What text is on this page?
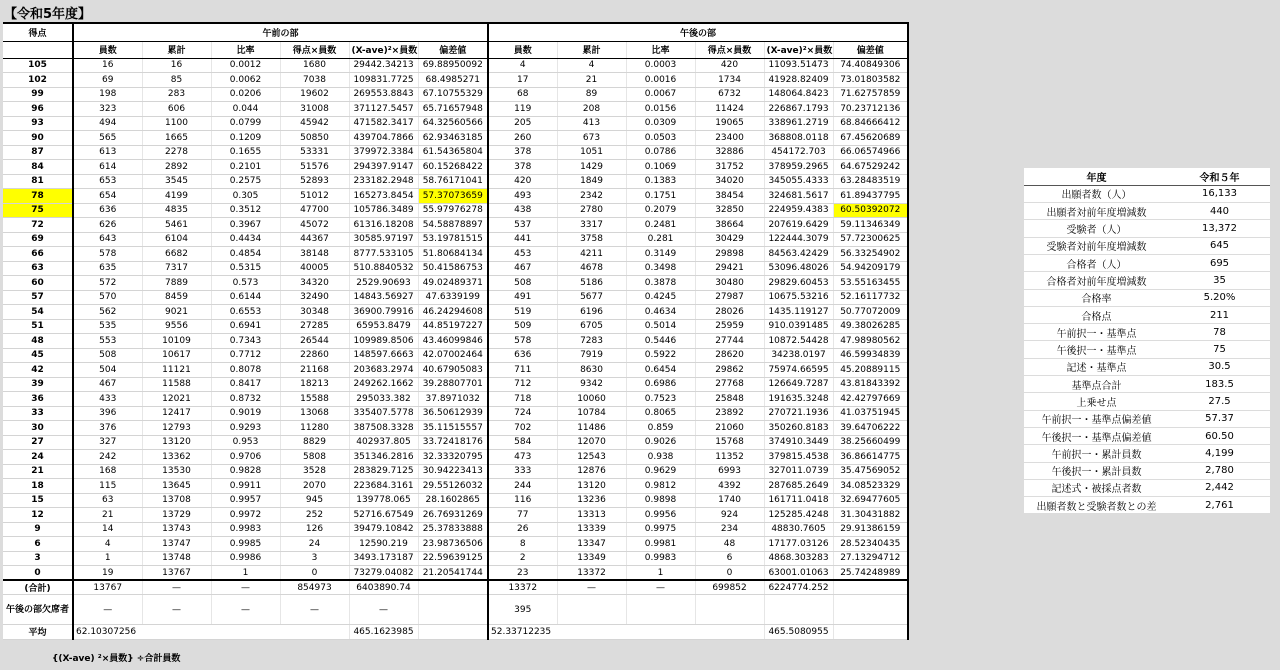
【令和5年度】
得点	午前の部						午後の部					
	員数	累計	比率	得点×員数	(X-ave)²×員数	偏差値	員数	累計	比率	得点×員数	(X-ave)²×員数	偏差値
105	16	16	0.0012	1680	29442.34213	69.88950092	4	4	0.0003	420	11093.51473	74.40849306
102	69	85	0.0062	7038	109831.7725	68.4985271	17	21	0.0016	1734	41928.82409	73.01803582
99	198	283	0.0206	19602	269553.8843	67.10755329	68	89	0.0067	6732	148064.8423	71.62757859
96	323	606	0.044	31008	371127.5457	65.71657948	119	208	0.0156	11424	226867.1793	70.23712136
93	494	1100	0.0799	45942	471582.3417	64.32560566	205	413	0.0309	19065	338961.2719	68.84666412
90	565	1665	0.1209	50850	439704.7866	62.93463185	260	673	0.0503	23400	368808.0118	67.45620689
87	613	2278	0.1655	53331	379972.3384	61.54365804	378	1051	0.0786	32886	454172.703	66.06574966
84	614	2892	0.2101	51576	294397.9147	60.15268422	378	1429	0.1069	31752	378959.2965	64.67529242
81	653	3545	0.2575	52893	233182.2948	58.76171041	420	1849	0.1383	34020	345055.4333	63.28483519
78	654	4199	0.305	51012	165273.8454	57.37073659	493	2342	0.1751	38454	324681.5617	61.89437795
75	636	4835	0.3512	47700	105786.3489	55.97976278	438	2780	0.2079	32850	224959.4383	60.50392072
72	626	5461	0.3967	45072	61316.18208	54.58878897	537	3317	0.2481	38664	207619.6429	59.11346349
69	643	6104	0.4434	44367	30585.97197	53.19781515	441	3758	0.281	30429	122444.3079	57.72300625
66	578	6682	0.4854	38148	8777.533105	51.80684134	453	4211	0.3149	29898	84563.42429	56.33254902
63	635	7317	0.5315	40005	510.8840532	50.41586753	467	4678	0.3498	29421	53096.48026	54.94209179
60	572	7889	0.573	34320	2529.90693	49.02489371	508	5186	0.3878	30480	29829.60453	53.55163455
57	570	8459	0.6144	32490	14843.56927	47.6339199	491	5677	0.4245	27987	10675.53216	52.16117732
54	562	9021	0.6553	30348	36900.79916	46.24294608	519	6196	0.4634	28026	1435.119127	50.77072009
51	535	9556	0.6941	27285	65953.8479	44.85197227	509	6705	0.5014	25959	910.0391485	49.38026285
48	553	10109	0.7343	26544	109989.8506	43.46099846	578	7283	0.5446	27744	10872.54428	47.98980562
45	508	10617	0.7712	22860	148597.6663	42.07002464	636	7919	0.5922	28620	34238.0197	46.59934839
42	504	11121	0.8078	21168	203683.2974	40.67905083	711	8630	0.6454	29862	75974.66595	45.20889115
39	467	11588	0.8417	18213	249262.1662	39.28807701	712	9342	0.6986	27768	126649.7287	43.81843392
36	433	12021	0.8732	15588	295033.382	37.8971032	718	10060	0.7523	25848	191635.3248	42.42797669
33	396	12417	0.9019	13068	335407.5778	36.50612939	724	10784	0.8065	23892	270721.1936	41.03751945
30	376	12793	0.9293	11280	387508.3328	35.11515557	702	11486	0.859	21060	350260.8183	39.64706222
27	327	13120	0.953	8829	402937.805	33.72418176	584	12070	0.9026	15768	374910.3449	38.25660499
24	242	13362	0.9706	5808	351346.2816	32.33320795	473	12543	0.938	11352	379815.4538	36.86614775
21	168	13530	0.9828	3528	283829.7125	30.94223413	333	12876	0.9629	6993	327011.0739	35.47569052
18	115	13645	0.9911	2070	223684.3161	29.55126032	244	13120	0.9812	4392	287685.2649	34.08523329
15	63	13708	0.9957	945	139778.065	28.1602865	116	13236	0.9898	1740	161711.0418	32.69477605
12	21	13729	0.9972	252	52716.67549	26.76931269	77	13313	0.9956	924	125285.4248	31.30431882
9	14	13743	0.9983	126	39479.10842	25.37833888	26	13339	0.9975	234	48830.7605	29.91386159
6	4	13747	0.9985	24	12590.219	23.98736506	8	13347	0.9981	48	17177.03126	28.52340435
3	1	13748	0.9986	3	3493.173187	22.59639125	2	13349	0.9983	6	4868.303283	27.13294712
0	19	13767	1	0	73279.04082	21.20541744	23	13372	1	0	63001.01063	25.74248989
(合計)	13767	—	—	854973	6403890.74		13372	—	—	699852	6224774.252	
午後の部欠席者	—	—	—	—	—		395					
平均	62.10307256				465.1623985		52.33712235				465.5080955	
{(X-ave) ²×員数} ÷合計員数
年度	令和５年
出願者数（人）	16,133
出願者対前年度増減数	440
受験者（人）	13,372
受験者対前年度増減数	645
合格者（人）	695
合格者対前年度増減数	35
合格率	5.20%
合格点	211
午前択一・基準点	78
午後択一・基準点	75
記述・基準点	30.5
基準点合計	183.5
上乗せ点	27.5
午前択一・基準点偏差値	57.37
午後択一・基準点偏差値	60.50
午前択一・累計員数	4,199
午後択一・累計員数	2,780
記述式・被採点者数	2,442
出願者数と受験者数との差	2,761
